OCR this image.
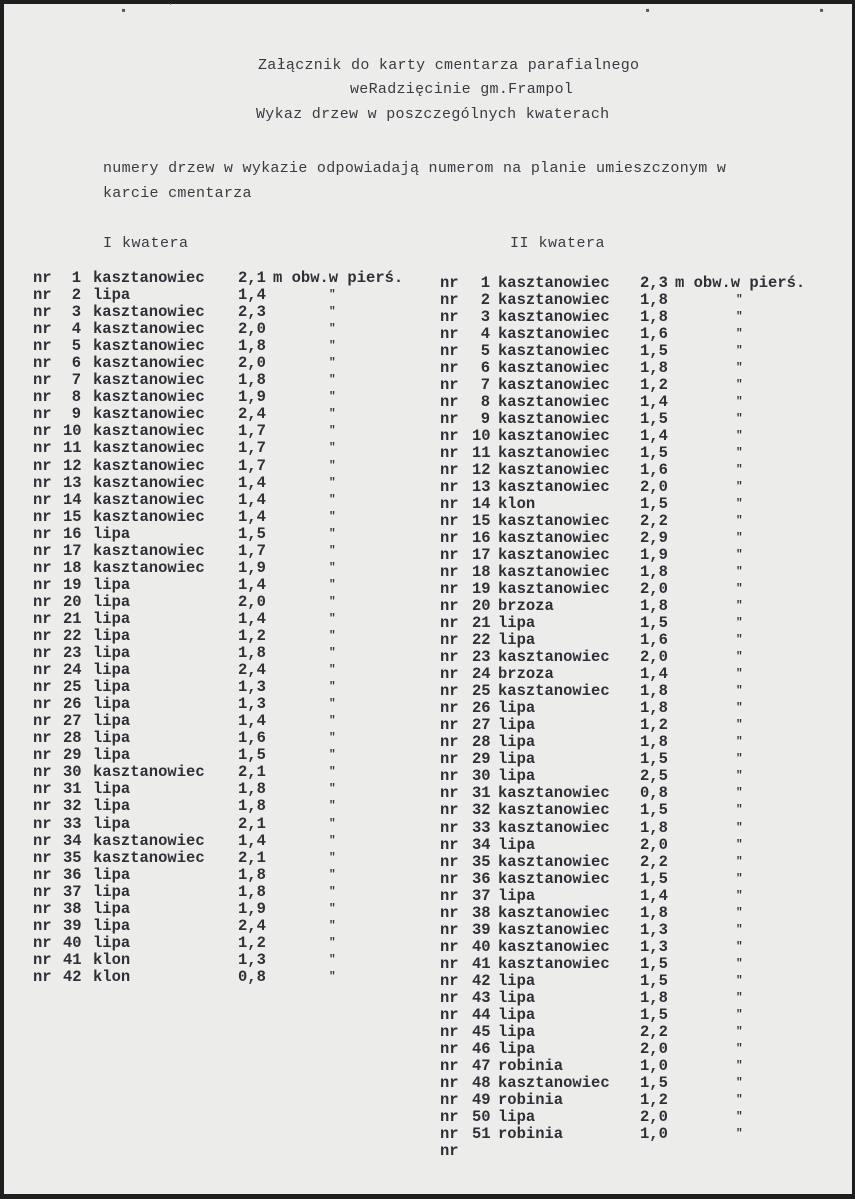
▪	ˈ	▪	▪
Załącznik do karty cmentarza parafialnego
weRadzięcinie gm.Frampol
Wykaz drzew w poszczególnych kwaterach
numery drzew w wykazie odpowiadają numerom na planie umieszczonym w
karcie cmentarza
I kwatera	II kwatera
nr	1 kasztanowiec 2,1 m obw.w pierś.
nr	2 lipa	1,4	"
nr	3 kasztanowiec 2,3	"
nr	4 kasztanowiec 2,0	"
nr	5 kasztanowiec 1,8	"
nr	6 kasztanowiec 2,0	"
nr	7 kasztanowiec 1,8	"
nr	8 kasztanowiec 1,9	"
nr	9 kasztanowiec 2,4	"
nr 10 kasztanowiec 1,7	"
nr 11 kasztanowiec 1,7	"
nr 12 kasztanowiec 1,7	"
nr 13 kasztanowiec 1,4	"
nr 14 kasztanowiec 1,4	"
nr 15 kasztanowiec 1,4	"
nr 16 lipa	1,5	"
nr 17 kasztanowiec 1,7	"
nr 18 kasztanowiec 1,9	"
nr 19 lipa	1,4	"
nr 20 lipa	2,0	"
nr 21 lipa	1,4	"
nr 22 lipa	1,2	"
nr 23 lipa	1,8	"
nr 24 lipa	2,4	"
nr 25 lipa	1,3	"
nr 26 lipa	1,3	"
nr 27 lipa	1,4	"
nr 28 lipa	1,6	"
nr 29 lipa	1,5	"
nr 30 kasztanowiec 2,1	"
nr 31 lipa	1,8	"
nr 32 lipa	1,8	"
nr 33 lipa	2,1	"
nr 34 kasztanowiec 1,4	"
nr 35 kasztanowiec 2,1	"
nr 36 lipa	1,8	"
nr 37 lipa	1,8	"
nr 38 lipa	1,9	"
nr 39 lipa	2,4	"
nr 40 lipa	1,2	"
nr 41 klon	1,3	"
nr 42 klon	0,8	"
nr	1 kasztanowiec 2,3 m obw.w pierś.
nr	2 kasztanowiec 1,8	"
nr	3 kasztanowiec 1,8	"
nr	4 kasztanowiec 1,6	"
nr	5 kasztanowiec 1,5	"
nr	6 kasztanowiec 1,8	"
nr	7 kasztanowiec 1,2	"
nr	8 kasztanowiec 1,4	"
nr	9 kasztanowiec 1,5	"
nr 10 kasztanowiec 1,4	"
nr 11 kasztanowiec 1,5	"
nr 12 kasztanowiec 1,6	"
nr 13 kasztanowiec 2,0	"
nr 14 klon	1,5	"
nr 15 kasztanowiec 2,2	"
nr 16 kasztanowiec 2,9	"
nr 17 kasztanowiec 1,9	"
nr 18 kasztanowiec 1,8	"
nr 19 kasztanowiec 2,0	"
nr 20 brzoza	1,8	"
nr 21 lipa	1,5	"
nr 22 lipa	1,6	"
nr 23 kasztanowiec 2,0	"
nr 24 brzoza	1,4	"
nr 25 kasztanowiec 1,8	"
nr 26 lipa	1,8	"
nr 27 lipa	1,2	"
nr 28 lipa	1,8	"
nr 29 lipa	1,5	"
nr 30 lipa	2,5	"
nr 31 kasztanowiec 0,8	"
nr 32 kasztanowiec 1,5	"
nr 33 kasztanowiec 1,8	"
nr 34 lipa	2,0	"
nr 35 kasztanowiec 2,2	"
nr 36 kasztanowiec 1,5	"
nr 37 lipa	1,4	"
nr 38 kasztanowiec 1,8	"
nr 39 kasztanowiec 1,3	"
nr 40 kasztanowiec 1,3	"
nr 41 kasztanowiec 1,5	"
nr 42 lipa	1,5	"
nr 43 lipa	1,8	"
nr 44 lipa	1,5	"
nr 45 lipa	2,2	"
nr 46 lipa	2,0	"
nr 47 robinia	1,0	"
nr 48 kasztanowiec 1,5	"
nr 49 robinia	1,2	"
nr 50 lipa	2,0	"
nr 51 robinia	1,0	"
nr
